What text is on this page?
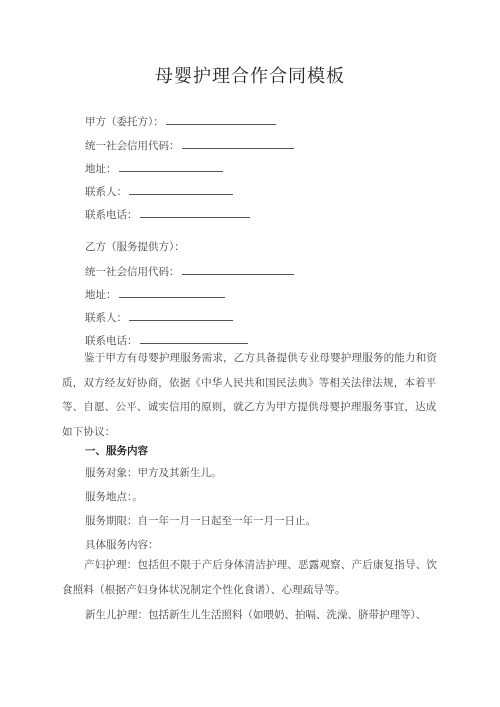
母婴护理合作合同模板
甲方（委托方）：
统一社会信用代码：
地址：
联系人：
联系电话：
乙方（服务提供方）：
统一社会信用代码：
地址：
联系人：
联系电话：
鉴于甲方有母婴护理服务需求，乙方具备提供专业母婴护理服务的能力和资质，双方经友好协商，依据《中华人民共和国民法典》等相关法律法规，本着平等、自愿、公平、诚实信用的原则，就乙方为甲方提供母婴护理服务事宜，达成如下协议：
一、服务内容
服务对象：甲方及其新生儿。
服务地点：。
服务期限：自一年一月一日起至一年一月一日止。
具体服务内容：
产妇护理：包括但不限于产后身体清洁护理、恶露观察、产后康复指导、饮食照料（根据产妇身体状况制定个性化食谱）、心理疏导等。
新生儿护理：包括新生儿生活照料（如喂奶、拍嗝、洗澡、脐带护理等）、
